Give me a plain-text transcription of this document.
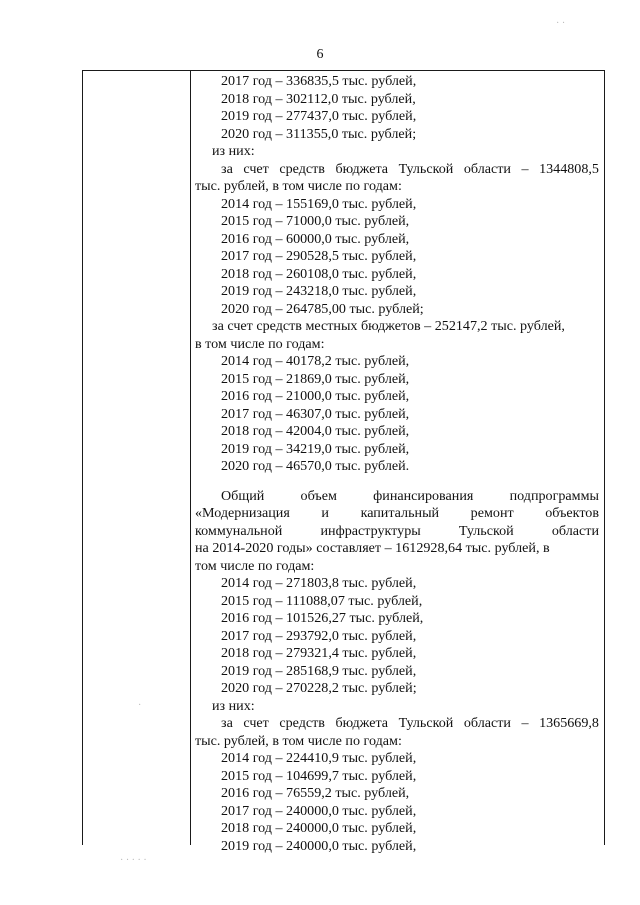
6
2017 год – 336835,5 тыс. рублей,
2018 год – 302112,0 тыс. рублей,
2019 год – 277437,0 тыс. рублей,
2020 год – 311355,0 тыс. рублей;
из них:
за счет средств бюджета Тульской области – 1344808,5
тыс. рублей, в том числе по годам:
2014 год – 155169,0 тыс. рублей,
2015 год – 71000,0 тыс. рублей,
2016 год – 60000,0 тыс. рублей,
2017 год – 290528,5 тыс. рублей,
2018 год – 260108,0 тыс. рублей,
2019 год – 243218,0 тыс. рублей,
2020 год – 264785,00 тыс. рублей;
за счет средств местных бюджетов – 252147,2 тыс. рублей,
в том числе по годам:
2014 год – 40178,2 тыс. рублей,
2015 год – 21869,0 тыс. рублей,
2016 год – 21000,0 тыс. рублей,
2017 год – 46307,0 тыс. рублей,
2018 год – 42004,0 тыс. рублей,
2019 год – 34219,0 тыс. рублей,
2020 год – 46570,0 тыс. рублей.
Общий	объем	финансирования	подпрограммы
«Модернизация и капитальный ремонт объектов
коммунальной	инфраструктуры	Тульской	области
на 2014-2020 годы» составляет – 1612928,64 тыс. рублей, в
том числе по годам:
2014 год – 271803,8 тыс. рублей,
2015 год – 111088,07 тыс. рублей,
2016 год – 101526,27 тыс. рублей,
2017 год – 293792,0 тыс. рублей,
2018 год – 279321,4 тыс. рублей,
2019 год – 285168,9 тыс. рублей,
2020 год – 270228,2 тыс. рублей;
из них:
за счет средств бюджета Тульской области – 1365669,8
тыс. рублей, в том числе по годам:
2014 год – 224410,9 тыс. рублей,
2015 год – 104699,7 тыс. рублей,
2016 год – 76559,2 тыс. рублей,
2017 год – 240000,0 тыс. рублей,
2018 год – 240000,0 тыс. рублей,
2019 год – 240000,0 тыс. рублей,
· ·
·
· · · · ·
